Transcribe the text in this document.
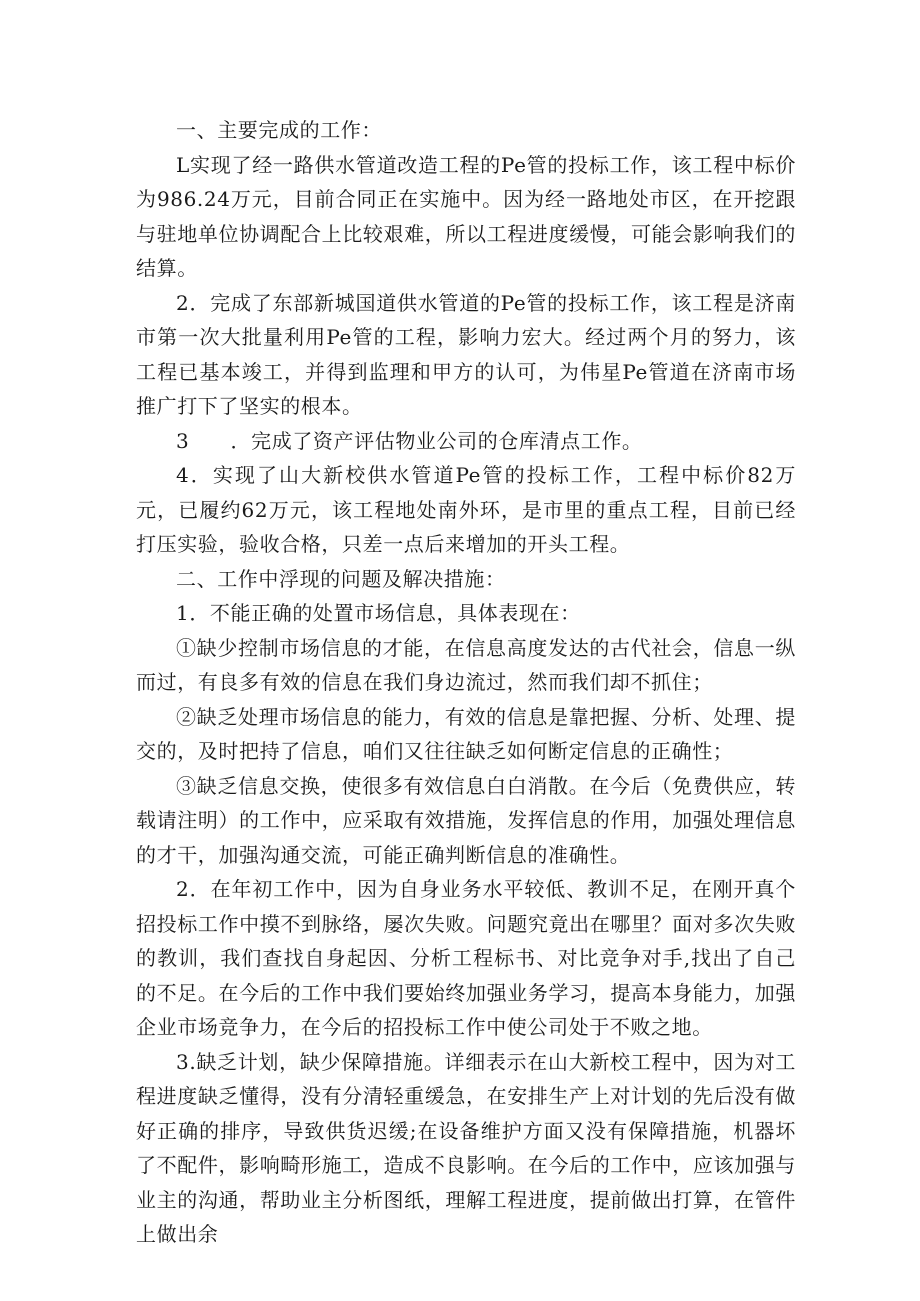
一、主要完成的工作：

L实现了经一路供水管道改造工程的Pe管的投标工作，该工程中标价为986.24万元，目前合同正在实施中。因为经一路地处市区，在开挖跟与驻地单位协调配合上比较艰难，所以工程进度缓慢，可能会影响我们的结算。

2．完成了东部新城国道供水管道的Pe管的投标工作，该工程是济南市第一次大批量利用Pe管的工程，影响力宏大。经过两个月的努力，该工程已基本竣工，并得到监理和甲方的认可，为伟星Pe管道在济南市场推广打下了坚实的根本。

3　　．完成了资产评估物业公司的仓库清点工作。

4．实现了山大新校供水管道Pe管的投标工作，工程中标价82万元，已履约62万元，该工程地处南外环，是市里的重点工程，目前已经打压实验，验收合格，只差一点后来增加的开头工程。

二、工作中浮现的问题及解决措施：

1．不能正确的处置市场信息，具体表现在：

①缺少控制市场信息的才能，在信息高度发达的古代社会，信息一纵而过，有良多有效的信息在我们身边流过，然而我们却不抓住；

②缺乏处理市场信息的能力，有效的信息是靠把握、分析、处理、提交的，及时把持了信息，咱们又往往缺乏如何断定信息的正确性；

③缺乏信息交换，使很多有效信息白白消散。在今后（免费供应，转载请注明）的工作中，应采取有效措施，发挥信息的作用，加强处理信息的才干，加强沟通交流，可能正确判断信息的准确性。

2．在年初工作中，因为自身业务水平较低、教训不足，在刚开真个招投标工作中摸不到脉络，屡次失败。问题究竟出在哪里？面对多次失败的教训，我们查找自身起因、分析工程标书、对比竞争对手,找出了自己的不足。在今后的工作中我们要始终加强业务学习，提高本身能力，加强企业市场竞争力，在今后的招投标工作中使公司处于不败之地。

3.缺乏计划，缺少保障措施。详细表示在山大新校工程中，因为对工程进度缺乏懂得，没有分清轻重缓急，在安排生产上对计划的先后没有做好正确的排序，导致供货迟缓;在设备维护方面又没有保障措施，机器坏了不配件，影响畸形施工，造成不良影响。在今后的工作中，应该加强与业主的沟通，帮助业主分析图纸，理解工程进度，提前做出打算，在管件上做出余
